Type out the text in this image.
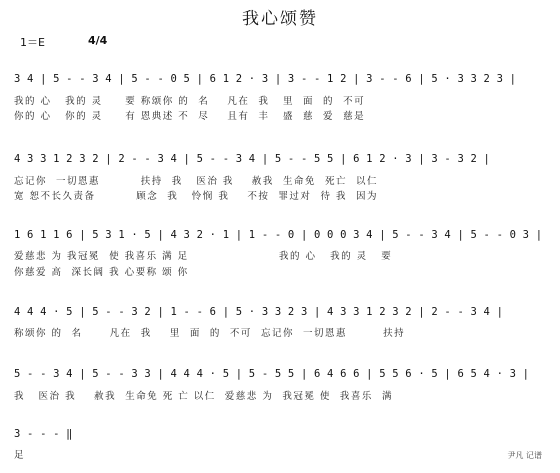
我心颂赞
1＝E	4/4
3 4 | 5 - - 3 4 | 5 - - 0 5 | 6 1 2 · 3 | 3 - - 1 2 | 3 - - 6 | 5 · 3 3 2 3 |
我的 心   我的 灵     要 称颂你 的  名    凡在  我   里  面  的  不可
你的 心   你的 灵     有 恩典述 不  尽    且有  丰   盛  慈  爱  慈是
4 3 3 1 2 3 2 | 2 - - 3 4 | 5 - - 3 4 | 5 - - 5 5 | 6 1 2 · 3 | 3 - 3 2 |
忘记你  一切恩惠         扶持  我   医治 我    赦我  生命免  死亡  以仁
宽 恕不长久责备         顾念  我   怜悯 我    不按  罪过对  待 我  因为
1 6 1 1 6 | 5 3 1 · 5 | 4 3 2 · 1 | 1 - - 0 | 0 0 0 3 4 | 5 - - 3 4 | 5 - - 0 3 |
爱慈悲 为 我冠冕  使 我喜乐 满 足                    我的 心   我的 灵   要
你慈爱 高  深长阔 我 心要称 颂 你
4 4 4 · 5 | 5 - - 3 2 | 1 - - 6 | 5 · 3 3 2 3 | 4 3 3 1 2 3 2 | 2 - - 3 4 |
称颂你 的  名      凡在  我    里  面  的  不可  忘记你  一切恩惠        扶持
5 - - 3 4 | 5 - - 3 3 | 4 4 4 · 5 | 5 - 5 5 | 6 4 6 6 | 5 5 6 · 5 | 6 5 4 · 3 |
我   医治 我    赦我  生命免 死 亡 以仁  爱慈悲 为  我冠冕 使  我喜乐  满
3 - - - ‖
足	尹凡 记谱
